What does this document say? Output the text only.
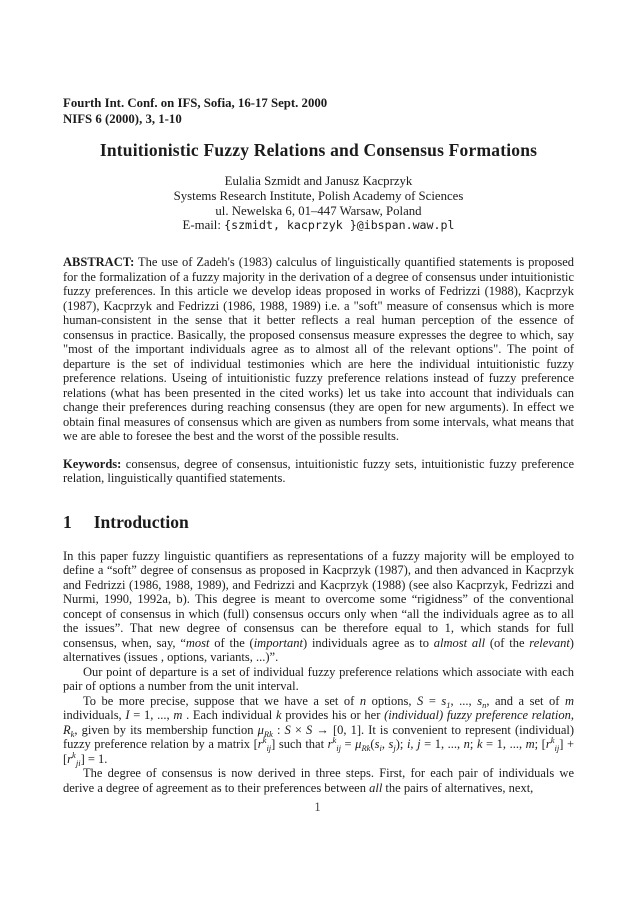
Fourth Int. Conf. on IFS, Sofia, 16-17 Sept. 2000
NIFS 6 (2000), 3, 1-10
Intuitionistic Fuzzy Relations and Consensus Formations
Eulalia Szmidt and Janusz Kacprzyk
Systems Research Institute, Polish Academy of Sciences
ul. Newelska 6, 01–447 Warsaw, Poland
E-mail: {szmidt, kacprzyk }@ibspan.waw.pl

ABSTRACT: The use of Zadeh's (1983) calculus of linguistically quantified statements is proposed for the formalization of a fuzzy majority in the derivation of a degree of consensus under intuitionistic fuzzy preferences. In this article we develop ideas proposed in works of Fedrizzi (1988), Kacprzyk (1987), Kacprzyk and Fedrizzi (1986, 1988, 1989) i.e. a "soft" measure of consensus which is more human-consistent in the sense that it better reflects a real human perception of the essence of consensus in practice. Basically, the proposed consensus measure expresses the degree to which, say "most of the important individuals agree as to almost all of the relevant options". The point of departure is the set of individual testimonies which are here the individual intuitionistic fuzzy preference relations. Useing of intuitionistic fuzzy preference relations instead of fuzzy preference relations (what has been presented in the cited works) let us take into account that individuals can change their preferences during reaching consensus (they are open for new arguments). In effect we obtain final measures of consensus which are given as numbers from some intervals, what means that we are able to foresee the best and the worst of the possible results.

Keywords: consensus, degree of consensus, intuitionistic fuzzy sets, intuitionistic fuzzy preference relation, linguistically quantified statements.

1 Introduction

In this paper fuzzy linguistic quantifiers as representations of a fuzzy majority will be employed to define a “soft” degree of consensus as proposed in Kacprzyk (1987), and then advanced in Kacprzyk and Fedrizzi (1986, 1988, 1989), and Fedrizzi and Kacprzyk (1988) (see also Kacprzyk, Fedrizzi and Nurmi, 1990, 1992a, b). This degree is meant to overcome some “rigidness” of the conventional concept of consensus in which (full) consensus occurs only when “all the individuals agree as to all the issues”. That new degree of consensus can be therefore equal to 1, which stands for full consensus, when, say, “most of the (important) individuals agree as to almost all (of the relevant) alternatives (issues , options, variants, ...)”.

Our point of departure is a set of individual fuzzy preference relations which associate with each pair of options a number from the unit interval.

To be more precise, suppose that we have a set of n options, $S = s_1$, ..., $s_n$, and a set of m individuals, I = 1, ..., m . Each individual k provides his or her (individual) fuzzy preference relation, $R_k$, given by its membership function $\mu_{Rk}$ : S × S → [0, 1]. It is convenient to represent (individual) fuzzy preference relation by a matrix $[r^k_{ij}]$ such that $r^k_{ij} = \mu_{Rk}(s_i$, $s_j$); i, j = 1, ..., n; k = 1, ..., m; $[r^k_{ij}] + [r^k_{ji}] = 1$.

The degree of consensus is now derived in three steps. First, for each pair of individuals we derive a degree of agreement as to their preferences between all the pairs of alternatives, next,

1
